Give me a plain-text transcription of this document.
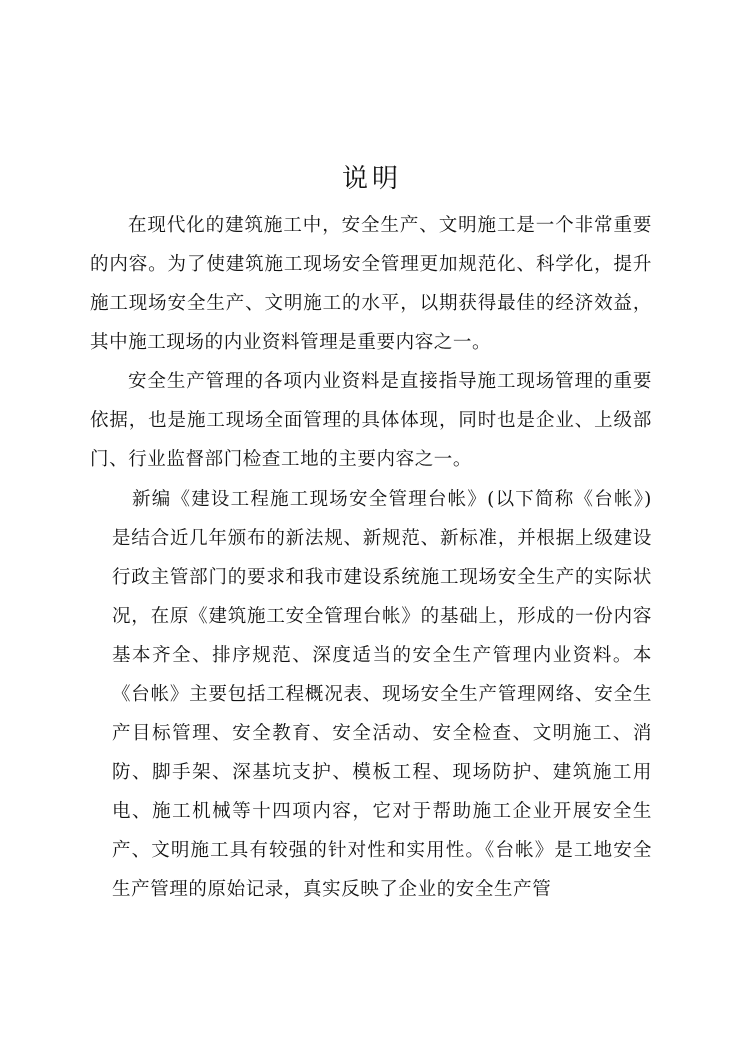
说明

在现代化的建筑施工中，安全生产、文明施工是一个非常重要的内容。为了使建筑施工现场安全管理更加规范化、科学化，提升施工现场安全生产、文明施工的水平，以期获得最佳的经济效益，其中施工现场的内业资料管理是重要内容之一。

安全生产管理的各项内业资料是直接指导施工现场管理的重要依据，也是施工现场全面管理的具体体现，同时也是企业、上级部门、行业监督部门检查工地的主要内容之一。

新编《建设工程施工现场安全管理台帐》(以下简称《台帐》)是结合近几年颁布的新法规、新规范、新标准，并根据上级建设行政主管部门的要求和我市建设系统施工现场安全生产的实际状况，在原《建筑施工安全管理台帐》的基础上，形成的一份内容基本齐全、排序规范、深度适当的安全生产管理内业资料。本《台帐》主要包括工程概况表、现场安全生产管理网络、安全生产目标管理、安全教育、安全活动、安全检查、文明施工、消防、脚手架、深基坑支护、模板工程、现场防护、建筑施工用电、施工机械等十四项内容，它对于帮助施工企业开展安全生产、文明施工具有较强的针对性和实用性。《台帐》是工地安全生产管理的原始记录，真实反映了企业的安全生产管
